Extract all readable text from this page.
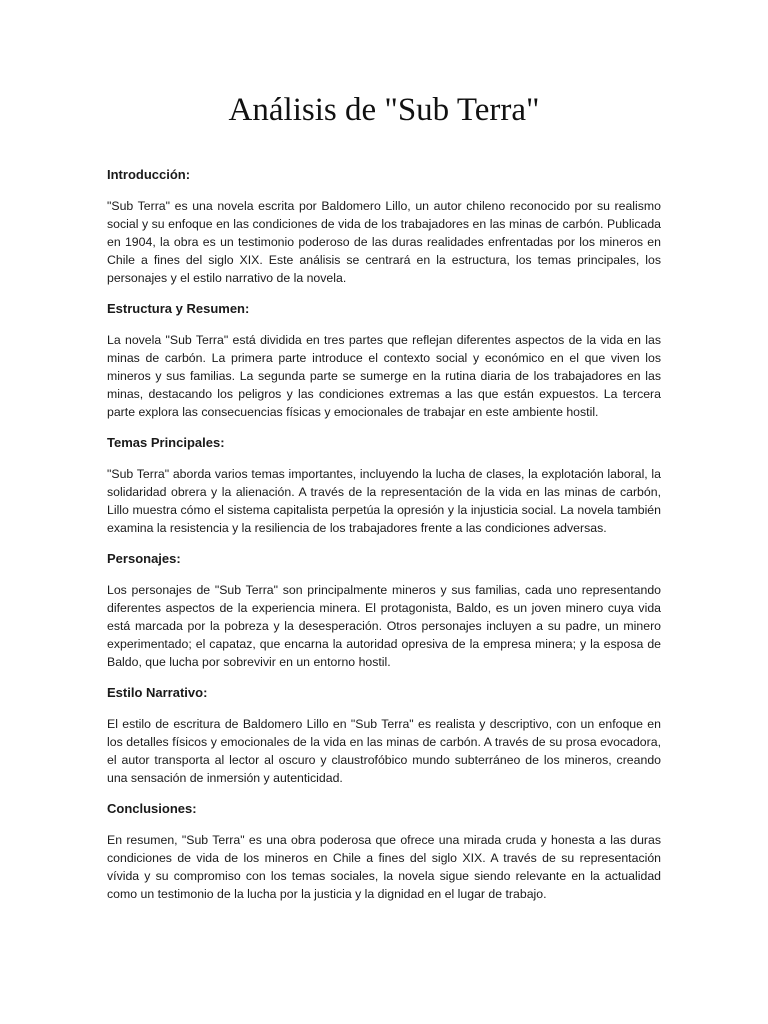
Análisis de "Sub Terra"
Introducción:

"Sub Terra" es una novela escrita por Baldomero Lillo, un autor chileno reconocido por su realismo social y su enfoque en las condiciones de vida de los trabajadores en las minas de carbón. Publicada en 1904, la obra es un testimonio poderoso de las duras realidades enfrentadas por los mineros en Chile a fines del siglo XIX. Este análisis se centrará en la estructura, los temas principales, los personajes y el estilo narrativo de la novela.

Estructura y Resumen:

La novela "Sub Terra" está dividida en tres partes que reflejan diferentes aspectos de la vida en las minas de carbón. La primera parte introduce el contexto social y económico en el que viven los mineros y sus familias. La segunda parte se sumerge en la rutina diaria de los trabajadores en las minas, destacando los peligros y las condiciones extremas a las que están expuestos. La tercera parte explora las consecuencias físicas y emocionales de trabajar en este ambiente hostil.

Temas Principales:

"Sub Terra" aborda varios temas importantes, incluyendo la lucha de clases, la explotación laboral, la solidaridad obrera y la alienación. A través de la representación de la vida en las minas de carbón, Lillo muestra cómo el sistema capitalista perpetúa la opresión y la injusticia social. La novela también examina la resistencia y la resiliencia de los trabajadores frente a las condiciones adversas.

Personajes:

Los personajes de "Sub Terra" son principalmente mineros y sus familias, cada uno representando diferentes aspectos de la experiencia minera. El protagonista, Baldo, es un joven minero cuya vida está marcada por la pobreza y la desesperación. Otros personajes incluyen a su padre, un minero experimentado; el capataz, que encarna la autoridad opresiva de la empresa minera; y la esposa de Baldo, que lucha por sobrevivir en un entorno hostil.

Estilo Narrativo:

El estilo de escritura de Baldomero Lillo en "Sub Terra" es realista y descriptivo, con un enfoque en los detalles físicos y emocionales de la vida en las minas de carbón. A través de su prosa evocadora, el autor transporta al lector al oscuro y claustrofóbico mundo subterráneo de los mineros, creando una sensación de inmersión y autenticidad.

Conclusiones:

En resumen, "Sub Terra" es una obra poderosa que ofrece una mirada cruda y honesta a las duras condiciones de vida de los mineros en Chile a fines del siglo XIX. A través de su representación vívida y su compromiso con los temas sociales, la novela sigue siendo relevante en la actualidad como un testimonio de la lucha por la justicia y la dignidad en el lugar de trabajo.
